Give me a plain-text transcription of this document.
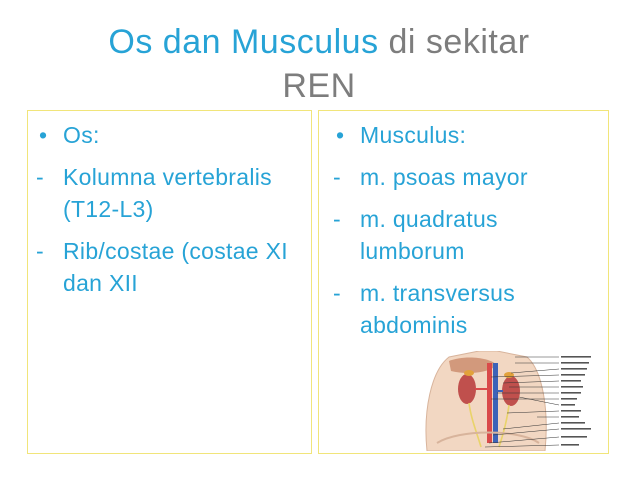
Os dan Musculus di sekitar
REN
• Os:
- Kolumna vertebralis (T12-L3)
- Rib/costae (costae XI dan XII
• Musculus:
- m. psoas mayor
- m. quadratus lumborum
- m. transversus abdominis
